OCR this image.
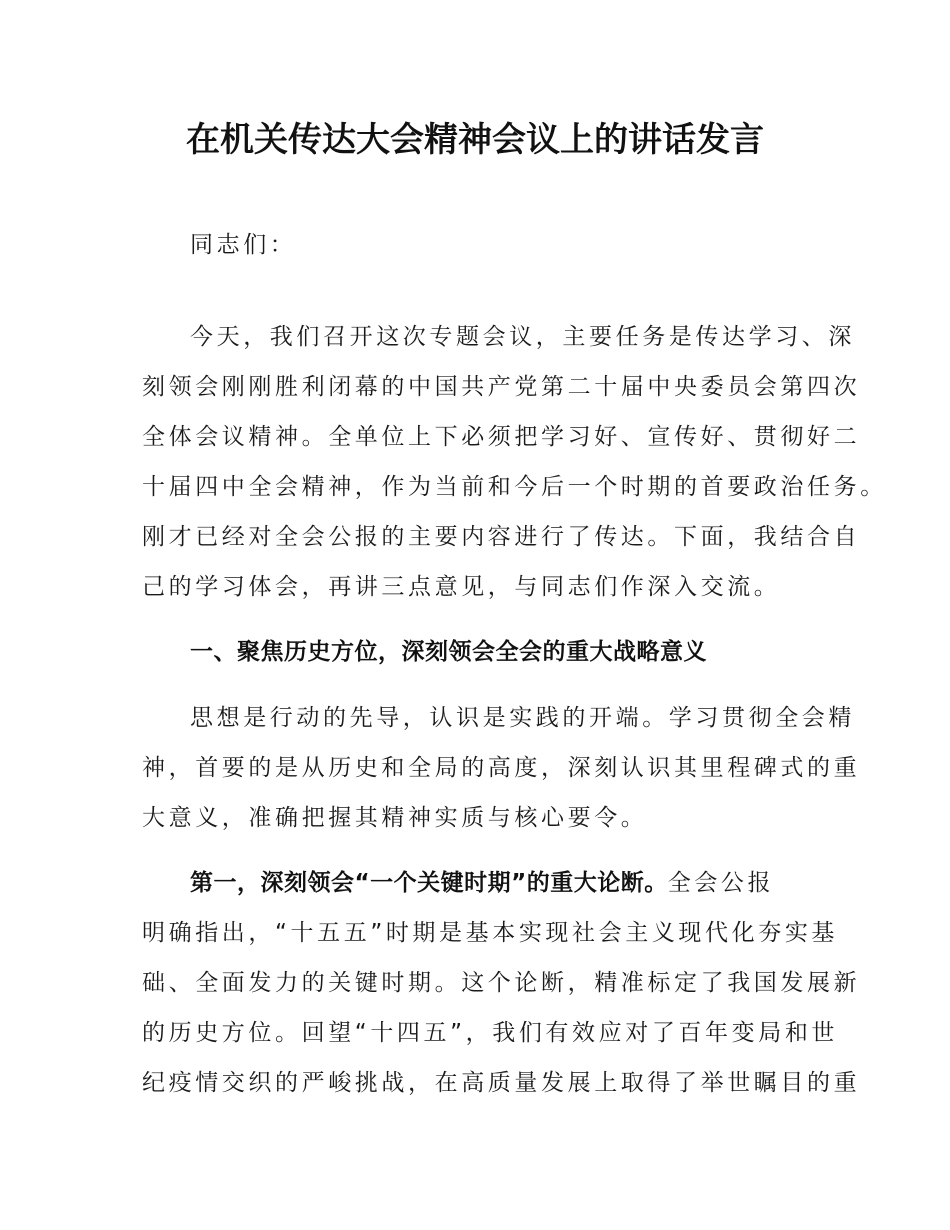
在机关传达大会精神会议上的讲话发言
同志们：
今天，我们召开这次专题会议，主要任务是传达学习、深
刻领会刚刚胜利闭幕的中国共产党第二十届中央委员会第四次
全体会议精神。全单位上下必须把学习好、宣传好、贯彻好二
十届四中全会精神，作为当前和今后一个时期的首要政治任务。
刚才已经对全会公报的主要内容进行了传达。下面，我结合自
己的学习体会，再讲三点意见，与同志们作深入交流。
一、聚焦历史方位，深刻领会全会的重大战略意义
思想是行动的先导，认识是实践的开端。学习贯彻全会精
神，首要的是从历史和全局的高度，深刻认识其里程碑式的重
大意义，准确把握其精神实质与核心要令。
第一，深刻领会“一个关键时期”的重大论断。全会公报
明确指出，“十五五”时期是基本实现社会主义现代化夯实基
础、全面发力的关键时期。这个论断，精准标定了我国发展新
的历史方位。回望“十四五”，我们有效应对了百年变局和世
纪疫情交织的严峻挑战，在高质量发展上取得了举世瞩目的重
